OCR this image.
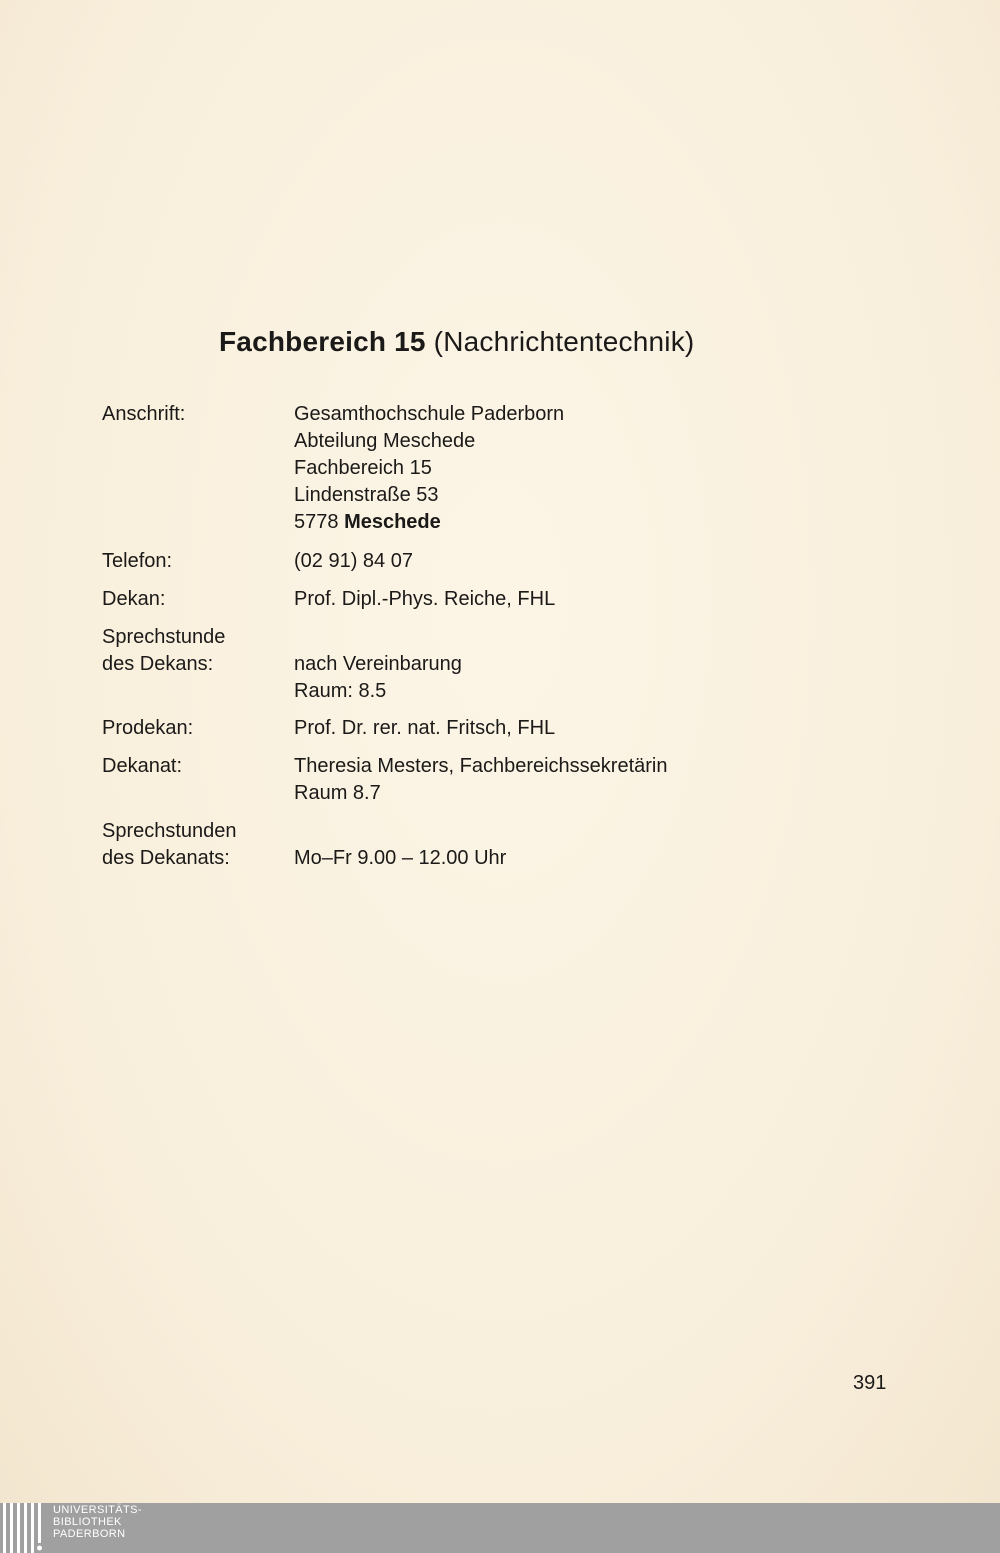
Fachbereich 15 (Nachrichtentechnik)
Anschrift:	Gesamthochschule Paderborn
Abteilung Meschede
Fachbereich 15
Lindenstraße 53
5778 Meschede
Telefon:	(02 91) 84 07
Dekan:	Prof. Dipl.-Phys. Reiche, FHL
Sprechstunde
des Dekans:	nach Vereinbarung
Raum: 8.5
Prodekan:	Prof. Dr. rer. nat. Fritsch, FHL
Dekanat:	Theresia Mesters, Fachbereichssekretärin
Raum 8.7
Sprechstunden
des Dekanats:	Mo–Fr 9.00 – 12.00 Uhr
391
UNIVERSITÄTS-
BIBLIOTHEK
PADERBORN
